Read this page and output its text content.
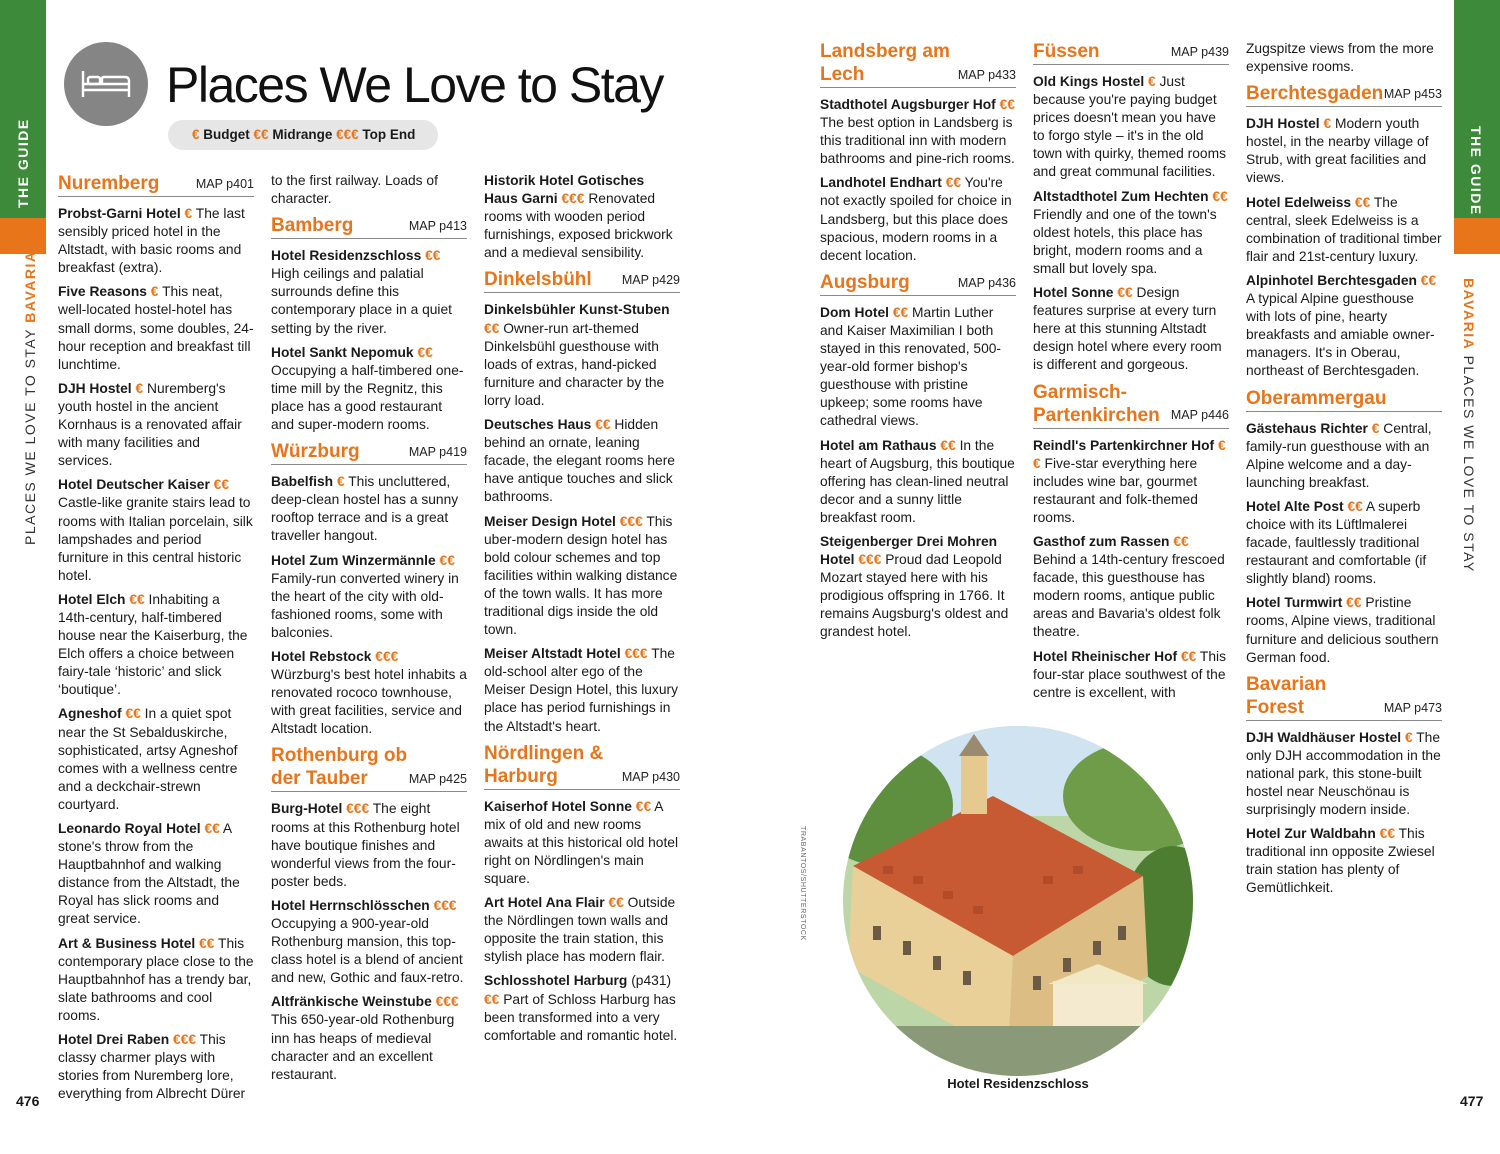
THE GUIDE
PLACES WE LOVE TO STAY BAVARIA
THE GUIDE
BAVARIA PLACES WE LOVE TO STAY
476	477
Places We Love to Stay
€ Budget €€ Midrange €€€ Top End
Nuremberg	MAP p401
Probst-Garni Hotel € The last sensibly priced hotel in the Altstadt, with basic rooms and breakfast (extra).
Five Reasons € This neat, well-located hostel-hotel has small dorms, some doubles, 24-hour reception and breakfast till lunchtime.
DJH Hostel € Nuremberg's youth hostel in the ancient Kornhaus is a renovated affair with many facilities and services.
Hotel Deutscher Kaiser €€ Castle-like granite stairs lead to rooms with Italian porcelain, silk lampshades and period furniture in this central historic hotel.
Hotel Elch €€ Inhabiting a 14th-century, half-timbered house near the Kaiserburg, the Elch offers a choice between fairy-tale ‘historic’ and slick ‘boutique’.
Agneshof €€ In a quiet spot near the St Sebalduskirche, sophisticated, artsy Agneshof comes with a wellness centre and a deckchair-strewn courtyard.
Leonardo Royal Hotel €€ A stone's throw from the Hauptbahnhof and walking distance from the Altstadt, the Royal has slick rooms and great service.
Art & Business Hotel €€ This contemporary place close to the Hauptbahnhof has a trendy bar, slate bathrooms and cool rooms.
Hotel Drei Raben €€€ This classy charmer plays with stories from Nuremberg lore, everything from Albrecht Dürer
to the first railway. Loads of character.
Bamberg	MAP p413
Hotel Residenzschloss €€ High ceilings and palatial surrounds define this contemporary place in a quiet setting by the river.
Hotel Sankt Nepomuk €€ Occupying a half-timbered one-time mill by the Regnitz, this place has a good restaurant and super-modern rooms.
Würzburg	MAP p419
Babelfish € This uncluttered, deep-clean hostel has a sunny rooftop terrace and is a great traveller hangout.
Hotel Zum Winzermännle €€ Family-run converted winery in the heart of the city with old-fashioned rooms, some with balconies.
Hotel Rebstock €€€ Würzburg's best hotel inhabits a renovated rococo townhouse, with great facilities, service and Altstadt location.
Rothenburg ob der Tauber	MAP p425
Burg-Hotel €€€ The eight rooms at this Rothenburg hotel have boutique finishes and wonderful views from the four-poster beds.
Hotel Herrnschlösschen €€€ Occupying a 900-year-old Rothenburg mansion, this top-class hotel is a blend of ancient and new, Gothic and faux-retro.
Altfränkische Weinstube €€€ This 650-year-old Rothenburg inn has heaps of medieval character and an excellent restaurant.
Historik Hotel Gotisches Haus Garni €€€ Renovated rooms with wooden period furnishings, exposed brickwork and a medieval sensibility.
Dinkelsbühl MAP p429
Dinkelsbühler Kunst-Stuben €€ Owner-run art-themed Dinkelsbühl guesthouse with loads of extras, hand-picked furniture and character by the lorry load.
Deutsches Haus €€ Hidden behind an ornate, leaning facade, the elegant rooms here have antique touches and slick bathrooms.
Meiser Design Hotel €€€ This uber-modern design hotel has bold colour schemes and top facilities within walking distance of the town walls. It has more traditional digs inside the old town.
Meiser Altstadt Hotel €€€ The old-school alter ego of the Meiser Design Hotel, this luxury place has period furnishings in the Altstadt's heart.
Nördlingen & Harburg	MAP p430
Kaiserhof Hotel Sonne €€ A mix of old and new rooms awaits at this historical old hotel right on Nördlingen's main square.
Art Hotel Ana Flair €€ Outside the Nördlingen town walls and opposite the train station, this stylish place has modern flair.
Schlosshotel Harburg (p431) €€ Part of Schloss Harburg has been transformed into a very comfortable and romantic hotel.
Landsberg am Lech	MAP p433
Stadthotel Augsburger Hof €€ The best option in Landsberg is this traditional inn with modern bathrooms and pine-rich rooms.
Landhotel Endhart €€ You're not exactly spoiled for choice in Landsberg, but this place does spacious, modern rooms in a decent location.
Augsburg	MAP p436
Dom Hotel €€ Martin Luther and Kaiser Maximilian I both stayed in this renovated, 500-year-old former bishop's guesthouse with pristine upkeep; some rooms have cathedral views.
Hotel am Rathaus €€ In the heart of Augsburg, this boutique offering has clean-lined neutral decor and a sunny little breakfast room.
Steigenberger Drei Mohren Hotel €€€ Proud dad Leopold Mozart stayed here with his prodigious offspring in 1766. It remains Augsburg's oldest and grandest hotel.
Füssen	MAP p439
Old Kings Hostel € Just because you're paying budget prices doesn't mean you have to forgo style – it's in the old town with quirky, themed rooms and great communal facilities.
Altstadthotel Zum Hechten €€ Friendly and one of the town's oldest hotels, this place has bright, modern rooms and a small but lovely spa.
Hotel Sonne €€ Design features surprise at every turn here at this stunning Altstadt design hotel where every room is different and gorgeous.
Garmisch-Partenkirchen MAP p446
Reindl's Partenkirchner Hof €€ Five-star everything here includes wine bar, gourmet restaurant and folk-themed rooms.
Gasthof zum Rassen €€ Behind a 14th-century frescoed facade, this guesthouse has modern rooms, antique public areas and Bavaria's oldest folk theatre.
Hotel Rheinischer Hof €€ This four-star place southwest of the centre is excellent, with
Zugspitze views from the more expensive rooms.
Berchtesgaden MAP p453
DJH Hostel € Modern youth hostel, in the nearby village of Strub, with great facilities and views.
Hotel Edelweiss €€ The central, sleek Edelweiss is a combination of traditional timber flair and 21st-century luxury.
Alpinhotel Berchtesgaden €€ A typical Alpine guesthouse with lots of pine, hearty breakfasts and amiable owner-managers. It's in Oberau, northeast of Berchtesgaden.
Oberammergau
Gästehaus Richter € Central, family-run guesthouse with an Alpine welcome and a day-launching breakfast.
Hotel Alte Post €€ A superb choice with its Lüftlmalerei facade, faultlessly traditional restaurant and comfortable (if slightly bland) rooms.
Hotel Turmwirt €€ Pristine rooms, Alpine views, traditional furniture and delicious southern German food.
Bavarian Forest	MAP p473
DJH Waldhäuser Hostel € The only DJH accommodation in the national park, this stone-built hostel near Neuschönau is surprisingly modern inside.
Hotel Zur Waldbahn €€ This traditional inn opposite Zwiesel train station has plenty of Gemütlichkeit.
Hotel Residenzschloss
TRABANTOS/SHUTTERSTOCK
